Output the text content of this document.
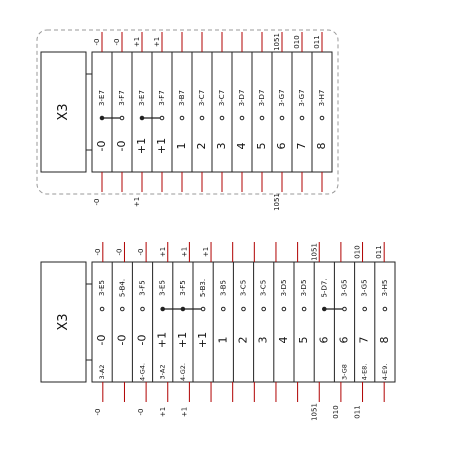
X3
3-E7
-0
3-F7
-0
3-E7
+1
3-F7
+1
3-B7
1
3-C7
2
3-C7
3
3-D7
4
3-D7
5
3-G7
6
3-G7
7
3-H7
8
-0 -0 +1 +1	1051 010 011
-0	+1	1051
X3
3-E5
-0
3-A2
5-B4.
-0
3-F5
-0
4-G4.
3-E5
+1
3-A2
3-F5
+1
4-G2.
5-B3.
+1
3-B5
1
3-C5
2
3-C5
3
3-D5
4
3-D5
5
5-D7.
6
3-G5
6
3-G8
3-G5
7
4-E8.
3-H5
8
4-E9.
-0 -0 -0 +1 +1 +1	1051	010 011
-0	-0 +1 +1	1051 010 011
